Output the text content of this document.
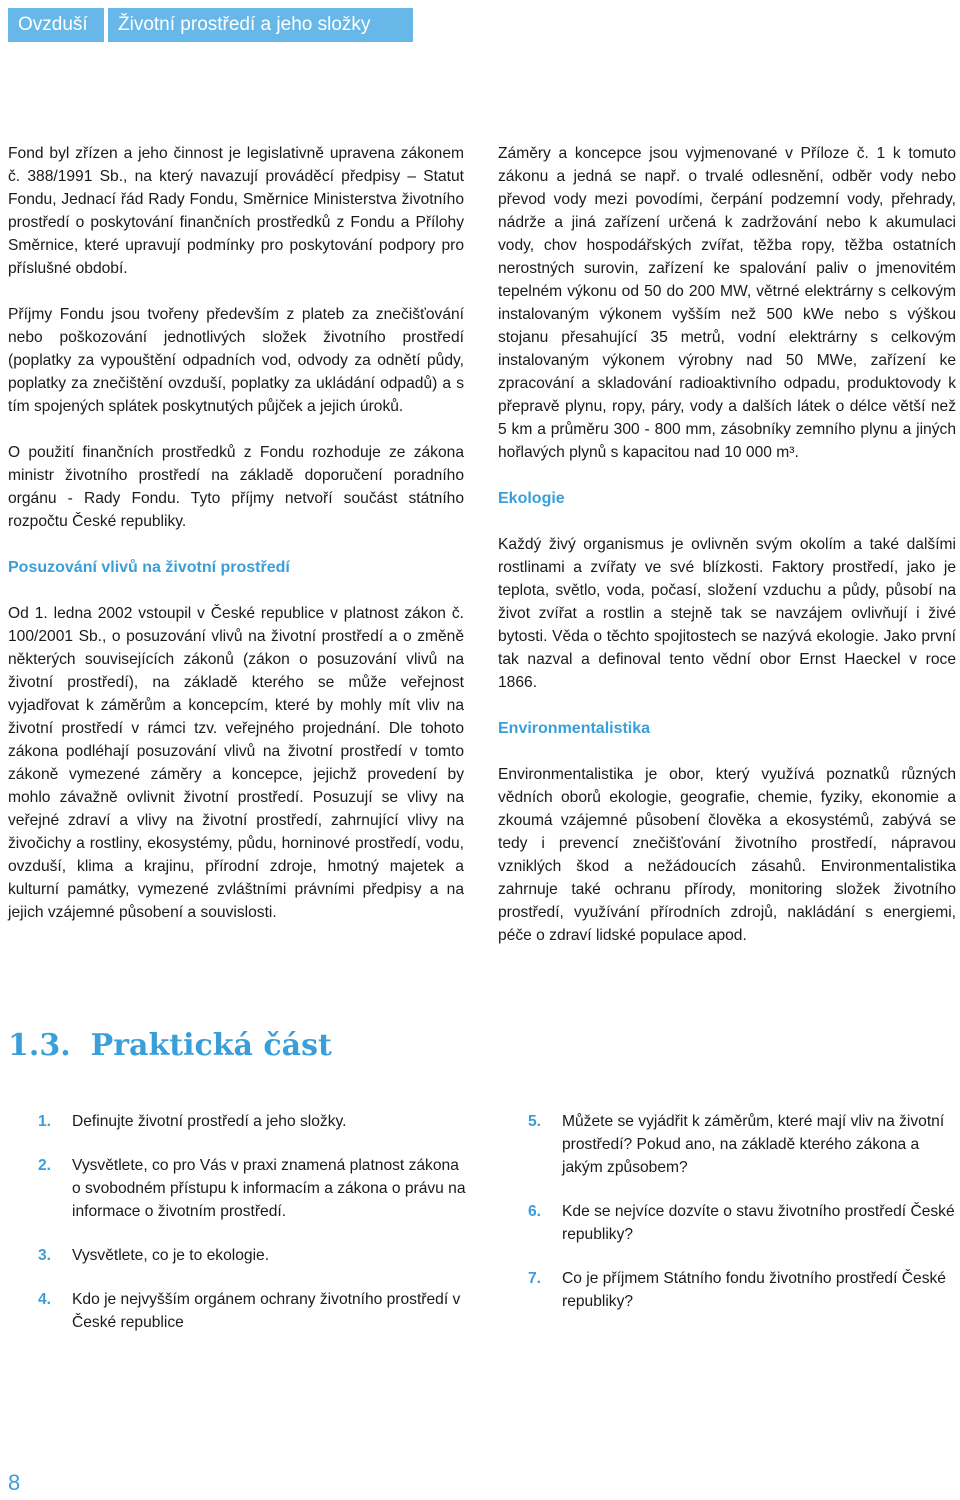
Ovzduší	Životní prostředí a jeho složky

Fond byl zřízen a jeho činnost je legislativně upravena zákonem č. 388/1991 Sb., na který navazují prováděcí předpisy – Statut Fondu, Jednací řád Rady Fondu, Směrnice Ministerstva životního prostředí o poskytování finančních prostředků z Fondu a Přílohy Směrnice, které upravují podmínky pro poskytování podpory pro příslušné období.

Příjmy Fondu jsou tvořeny především z plateb za znečišťování nebo poškozování jednotlivých složek životního prostředí (poplatky za vypouštění odpadních vod, odvody za odnětí půdy, poplatky za znečištění ovzduší, poplatky za ukládání odpadů) a s tím spojených splátek poskytnutých půjček a jejich úroků.

O použití finančních prostředků z Fondu rozhoduje ze zákona ministr životního prostředí na základě doporučení poradního orgánu - Rady Fondu. Tyto příjmy netvoří součást státního rozpočtu České republiky.

Posuzování vlivů na životní prostředí

Od 1. ledna 2002 vstoupil v České republice v platnost zákon č. 100/2001 Sb., o posuzování vlivů na životní prostředí a o změně některých souvisejících zákonů (zákon o posuzování vlivů na životní prostředí), na základě kterého se může veřejnost vyjadřovat k záměrům a koncepcím, které by mohly mít vliv na životní prostředí v rámci tzv. veřejného projednání. Dle tohoto zákona podléhají posuzování vlivů na životní prostředí v tomto zákoně vymezené záměry a koncepce, jejichž provedení by mohlo závažně ovlivnit životní prostředí. Posuzují se vlivy na veřejné zdraví a vlivy na životní prostředí, zahrnující vlivy na živočichy a rostliny, ekosystémy, půdu, horninové prostředí, vodu, ovzduší, klima a krajinu, přírodní zdroje, hmotný majetek a kulturní památky, vymezené zvláštními právními předpisy a na jejich vzájemné působení a souvislosti.

Záměry a koncepce jsou vyjmenované v Příloze č. 1 k tomuto zákonu a jedná se např. o trvalé odlesnění, odběr vody nebo převod vody mezi povodími, čerpání podzemní vody, přehrady, nádrže a jiná zařízení určená k zadržování nebo k akumulaci vody, chov hospodářských zvířat, těžba ropy, těžba ostatních nerostných surovin, zařízení ke spalování paliv o jmenovitém tepelném výkonu od 50 do 200 MW, větrné elektrárny s celkovým instalovaným výkonem vyšším než 500 kWe nebo s výškou stojanu přesahující 35 metrů, vodní elektrárny s celkovým instalovaným výkonem výrobny nad 50 MWe, zařízení ke zpracování a skladování radioaktivního odpadu, produktovody k přepravě plynu, ropy, páry, vody a dalších látek o délce větší než 5 km a průměru 300 - 800 mm, zásobníky zemního plynu a jiných hořlavých plynů s kapacitou nad 10 000 m³.

Ekologie

Každý živý organismus je ovlivněn svým okolím a také dalšími rostlinami a zvířaty ve své blízkosti. Faktory prostředí, jako je teplota, světlo, voda, počasí, složení vzduchu a půdy, působí na život zvířat a rostlin a stejně tak se navzájem ovlivňují i živé bytosti. Věda o těchto spojitostech se nazývá ekologie. Jako první tak nazval a definoval tento vědní obor Ernst Haeckel v roce 1866.

Environmentalistika

Environmentalistika je obor, který využívá poznatků různých vědních oborů ekologie, geografie, chemie, fyziky, ekonomie a zkoumá vzájemné působení člověka a ekosystémů, zabývá se tedy i prevencí znečišťování životního prostředí, nápravou vzniklých škod a nežádoucích zásahů. Environmentalistika zahrnuje také ochranu přírody, monitoring složek životního prostředí, využívání přírodních zdrojů, nakládání s energiemi, péče o zdraví lidské populace apod.

1.3. Praktická část
1.	Definujte životní prostředí a jeho složky.
2.	Vysvětlete, co pro Vás v praxi znamená platnost zákona o svobodném přístupu k informacím a zákona o právu na informace o životním prostředí.
3.	Vysvětlete, co je to ekologie.
4.	Kdo je nejvyšším orgánem ochrany životního prostředí v České republice
5.	Můžete se vyjádřit k záměrům, které mají vliv na životní prostředí? Pokud ano, na základě kterého zákona a jakým způsobem?
6.	Kde se nejvíce dozvíte o stavu životního prostředí České republiky?
7.	Co je příjmem Státního fondu životního prostředí České republiky?
8
